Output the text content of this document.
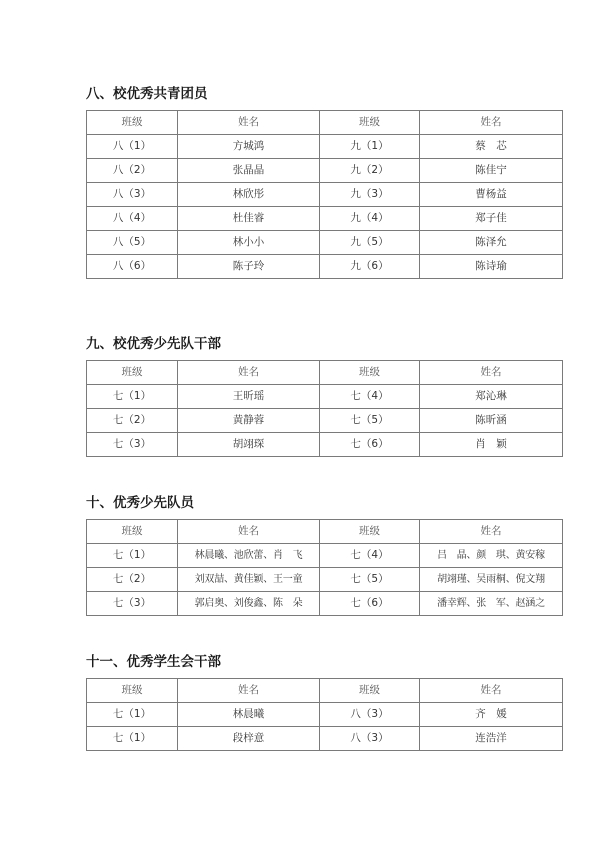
八、校优秀共青团员
班级	姓名	班级	姓名
八（1）	方城鸿	九（1）	蔡　芯
八（2）	张晶晶	九（2）	陈佳宁
八（3）	林欣彤	九（3）	曹杨益
八（4）	杜佳睿	九（4）	郑子佳
八（5）	林小小	九（5）	陈泽允
八（6）	陈子玲	九（6）	陈诗瑜
九、校优秀少先队干部
班级	姓名	班级	姓名
七（1）	王昕瑶	七（4）	郑沁琳
七（2）	黄静蓉	七（5）	陈昕涵
七（3）	胡翊琛	七（6）	肖　颖
十、优秀少先队员
班级	姓名	班级	姓名
七（1）	林晨曦、池欣蕾、肖　飞	七（4）	吕　晶、颜　琪、黄安稼
七（2）	刘双喆、黄佳颖、王一童	七（5）	胡翊瑾、吴雨桐、倪文翔
七（3）	郭启奥、刘俊鑫、陈　朵	七（6）	潘幸辉、张　军、赵涵之
十一、优秀学生会干部
班级	姓名	班级	姓名
七（1）	林晨曦	八（3）	齐　媛
七（1）	段梓意	八（3）	连浩洋
